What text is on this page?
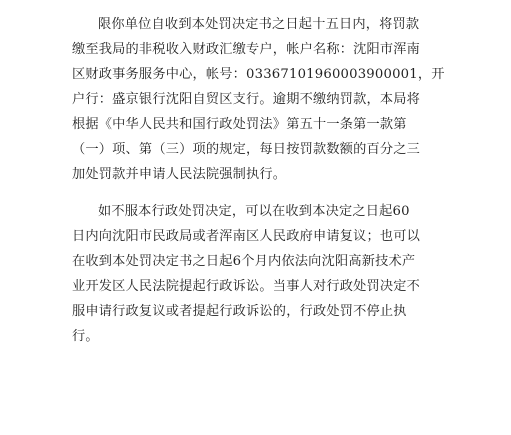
限你单位自收到本处罚决定书之日起十五日内，将罚款
缴至我局的非税收入财政汇缴专户，帐户名称：沈阳市浑南
区财政事务服务中心，帐号：03367101960003900001，开
户行：盛京银行沈阳自贸区支行。逾期不缴纳罚款，本局将
根据《中华人民共和国行政处罚法》第五十一条第一款第
（一）项、第（三）项的规定，每日按罚款数额的百分之三
加处罚款并申请人民法院强制执行。
如不服本行政处罚决定，可以在收到本决定之日起60
日内向沈阳市民政局或者浑南区人民政府申请复议；也可以
在收到本处罚决定书之日起6个月内依法向沈阳高新技术产
业开发区人民法院提起行政诉讼。当事人对行政处罚决定不
服申请行政复议或者提起行政诉讼的，行政处罚不停止执
行。
